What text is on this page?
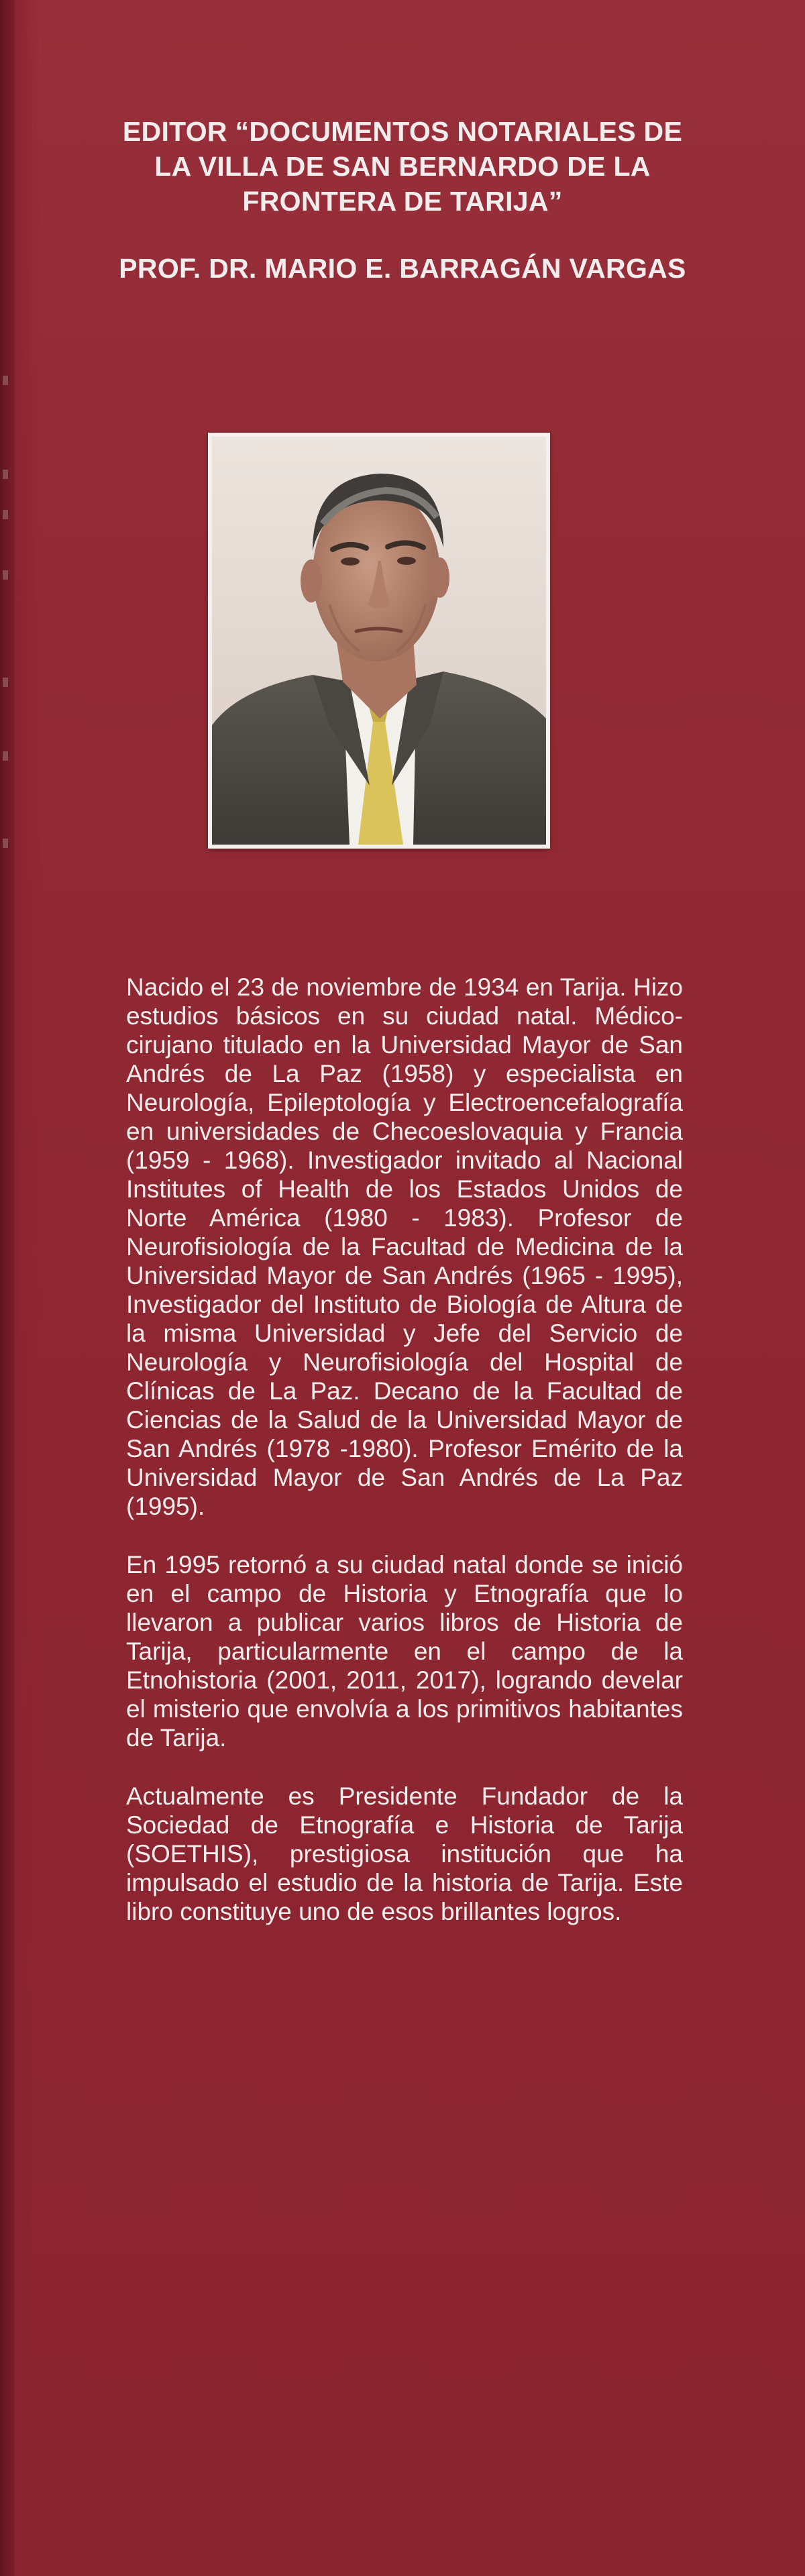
EDITOR “DOCUMENTOS NOTARIALES DE
LA VILLA DE SAN BERNARDO DE LA
FRONTERA DE TARIJA”
PROF. DR. MARIO E. BARRAGÁN VARGAS

Nacido el 23 de noviembre de 1934 en Tarija. Hizo estudios básicos en su ciudad natal. Médico-cirujano titulado en la Universidad Mayor de San Andrés de La Paz (1958) y especialista en Neurología, Epileptología y Electroencefalografía en universidades de Checoeslovaquia y Francia (1959 - 1968). Investigador invitado al Nacional Institutes of Health de los Estados Unidos de Norte América (1980 - 1983). Profesor de Neurofisiología de la Facultad de Medicina de la Universidad Mayor de San Andrés (1965 - 1995), Investigador del Instituto de Biología de Altura de la misma Universidad y Jefe del Servicio de Neurología y Neurofisiología del Hospital de Clínicas de La Paz. Decano de la Facultad de Ciencias de la Salud de la Universidad Mayor de San Andrés (1978 -1980). Profesor Emérito de la Universidad Mayor de San Andrés de La Paz (1995).

En 1995 retornó a su ciudad natal donde se inició en el campo de Historia y Etnografía que lo llevaron a publicar varios libros de Historia de Tarija, particularmente en el campo de la Etnohistoria (2001, 2011, 2017), logrando develar el misterio que envolvía a los primitivos habitantes de Tarija.

Actualmente es Presidente Fundador de la Sociedad de Etnografía e Historia de Tarija (SOETHIS), prestigiosa institución que ha impulsado el estudio de la historia de Tarija. Este libro constituye uno de esos brillantes logros.
